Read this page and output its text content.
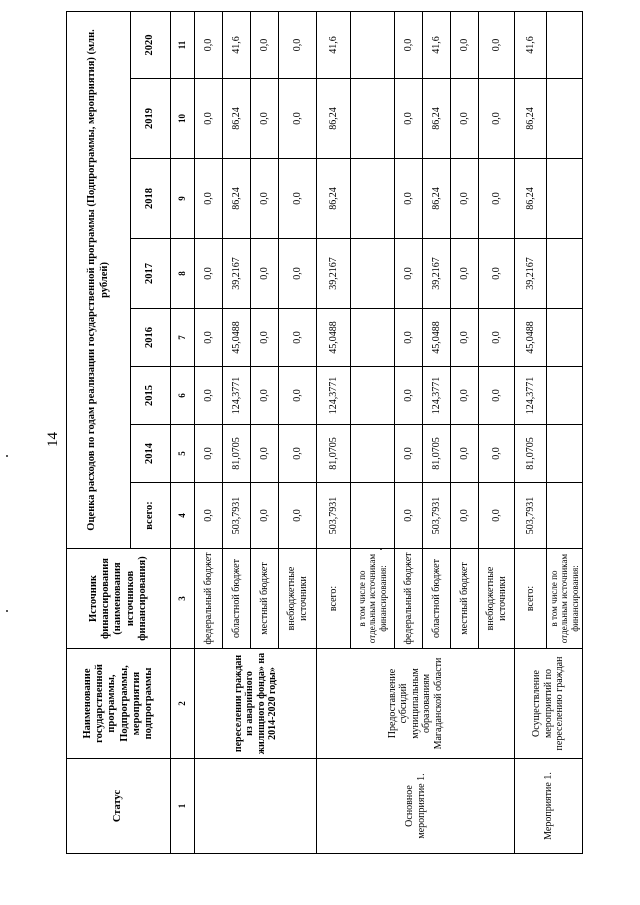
14
Статус	Наименование государственной программы, Подпрограммы, мероприятия подпрограммы	Источник финансирования (наименования источников финансирования)	Оценка расходов по годам реализации государственной программы (Подпрограммы, мероприятия) (млн. рублей)							
			всего:	2014	2015	2016	2017	2018	2019	2020
1	2	3	4	5	6	7	8	9	10	11
	переселении граждан из аварийного жилищного фонда» на 2014-2020 годы»	федеральный бюджет	0,0	0,0	0,0	0,0	0,0	0,0	0,0	0,0
		областной бюджет	503,7931	81,0705	124,3771	45,0488	39,2167	86,24	86,24	41,6
		местный бюджет	0,0	0,0	0,0	0,0	0,0	0,0	0,0	0,0
		внебюджетные источники	0,0	0,0	0,0	0,0	0,0	0,0	0,0	0,0
Основное мероприятие 1.	Предоставление субсидий муниципальным образованиям Магаданской области	всего:	503,7931	81,0705	124,3771	45,0488	39,2167	86,24	86,24	41,6
		в том числе по отдельным источникам финансирования:								
		федеральный бюджет	0,0	0,0	0,0	0,0	0,0	0,0	0,0	0,0
		областной бюджет	503,7931	81,0705	124,3771	45,0488	39,2167	86,24	86,24	41,6
		местный бюджет	0,0	0,0	0,0	0,0	0,0	0,0	0,0	0,0
		внебюджетные источники	0,0	0,0	0,0	0,0	0,0	0,0	0,0	0,0
Мероприятие 1.	Осуществление мероприятий по переселению граждан	всего:	503,7931	81,0705	124,3771	45,0488	39,2167	86,24	86,24	41,6
		в том числе по отдельным источникам финансирования:								
